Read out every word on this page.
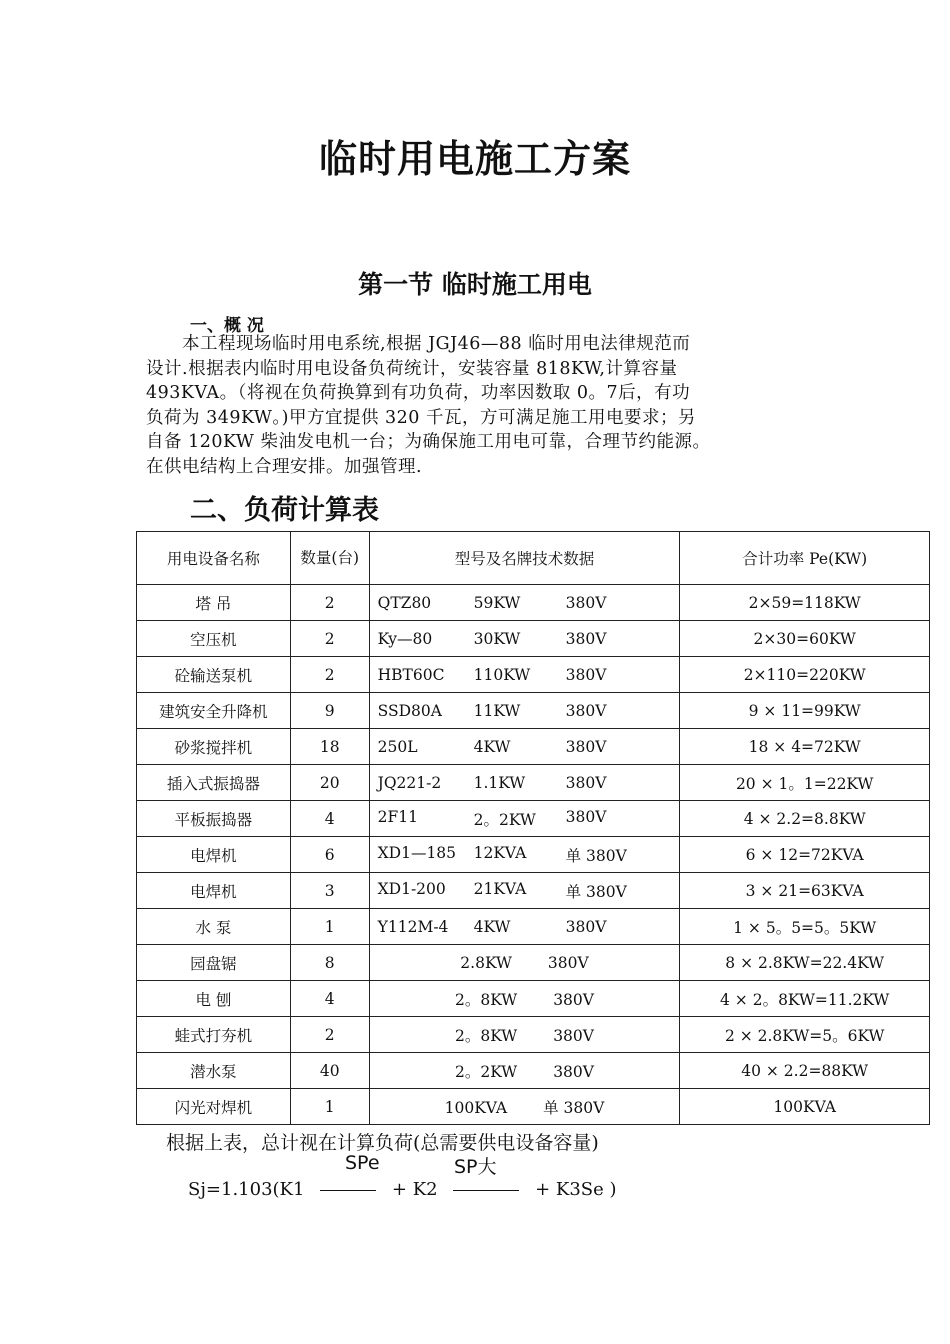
临时用电施工方案
第一节 临时施工用电
一、概 况
　　本工程现场临时用电系统,根据 JGJ46—88 临时用电法律规范而
设计.根据表内临时用电设备负荷统计，安装容量 818KW,计算容量
493KVA。（将视在负荷换算到有功负荷，功率因数取 0。7后，有功
负荷为 349KW。)甲方宜提供 320 千瓦，方可满足施工用电要求；另
自备 120KW 柴油发电机一台；为确保施工用电可靠，合理节约能源。
在供电结构上合理安排。加强管理.
二、负荷计算表
用电设备名称	数量(台)	型号及名牌技术数据	合计功率 Pe(KW)
塔 吊	2	QTZ80 59KW 380V	2×59=118KW
空压机	2	Ky—80 30KW 380V	2×30=60KW
砼输送泵机	2	HBT60C 110KW 380V	2×110=220KW
建筑安全升降机	9	SSD80A 11KW 380V	9 × 11=99KW
砂浆搅拌机	18	250L 4KW 380V	18 × 4=72KW
插入式振捣器	20	JQ221-2 1.1KW 380V	20 × 1。1=22KW
平板振捣器	4	2F11 2。2KW 380V	4 × 2.2=8.8KW
电焊机	6	XD1—185 12KVA 单 380V	6 × 12=72KVA
电焊机	3	XD1-200 21KVA 单 380V	3 × 21=63KVA
水 泵	1	Y112M-4 4KW 380V	1 × 5。5=5。5KW
园盘锯	8	2.8KW 380V	8 × 2.8KW=22.4KW
电 刨	4	2。8KW 380V	4 × 2。8KW=11.2KW
蛙式打夯机	2	2。8KW 380V	2 × 2.8KW=5。6KW
潜水泵	40	2。2KW 380V	40 × 2.2=88KW
闪光对焊机	1	100KVA 单 380V	100KVA
根据上表，总计视在计算负荷(总需要供电设备容量)
SPe	SP大
Sj=1.103(K1	+ K2	+ K3Se )
